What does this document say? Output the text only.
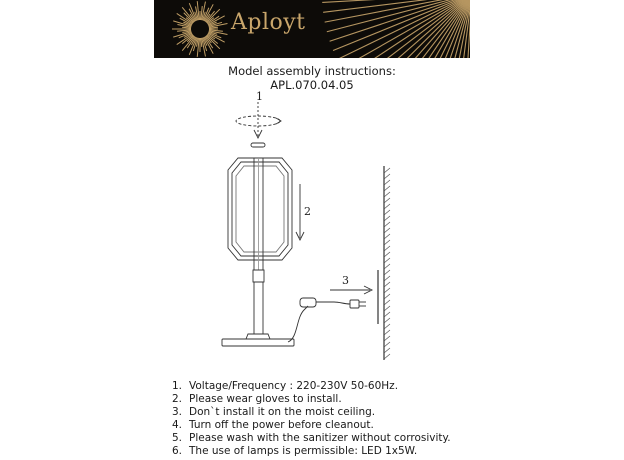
Aployt
Model assembly instructions:
APL.070.04.05
1
2
3
1. Voltage/Frequency : 220-230V 50-60Hz.
2. Please wear gloves to install.
3. Don`t install it on the moist ceiling.
4. Turn off the power before cleanout.
5. Please wash with the sanitizer without corrosivity.
6. The use of lamps is permissible: LED 1x5W.
